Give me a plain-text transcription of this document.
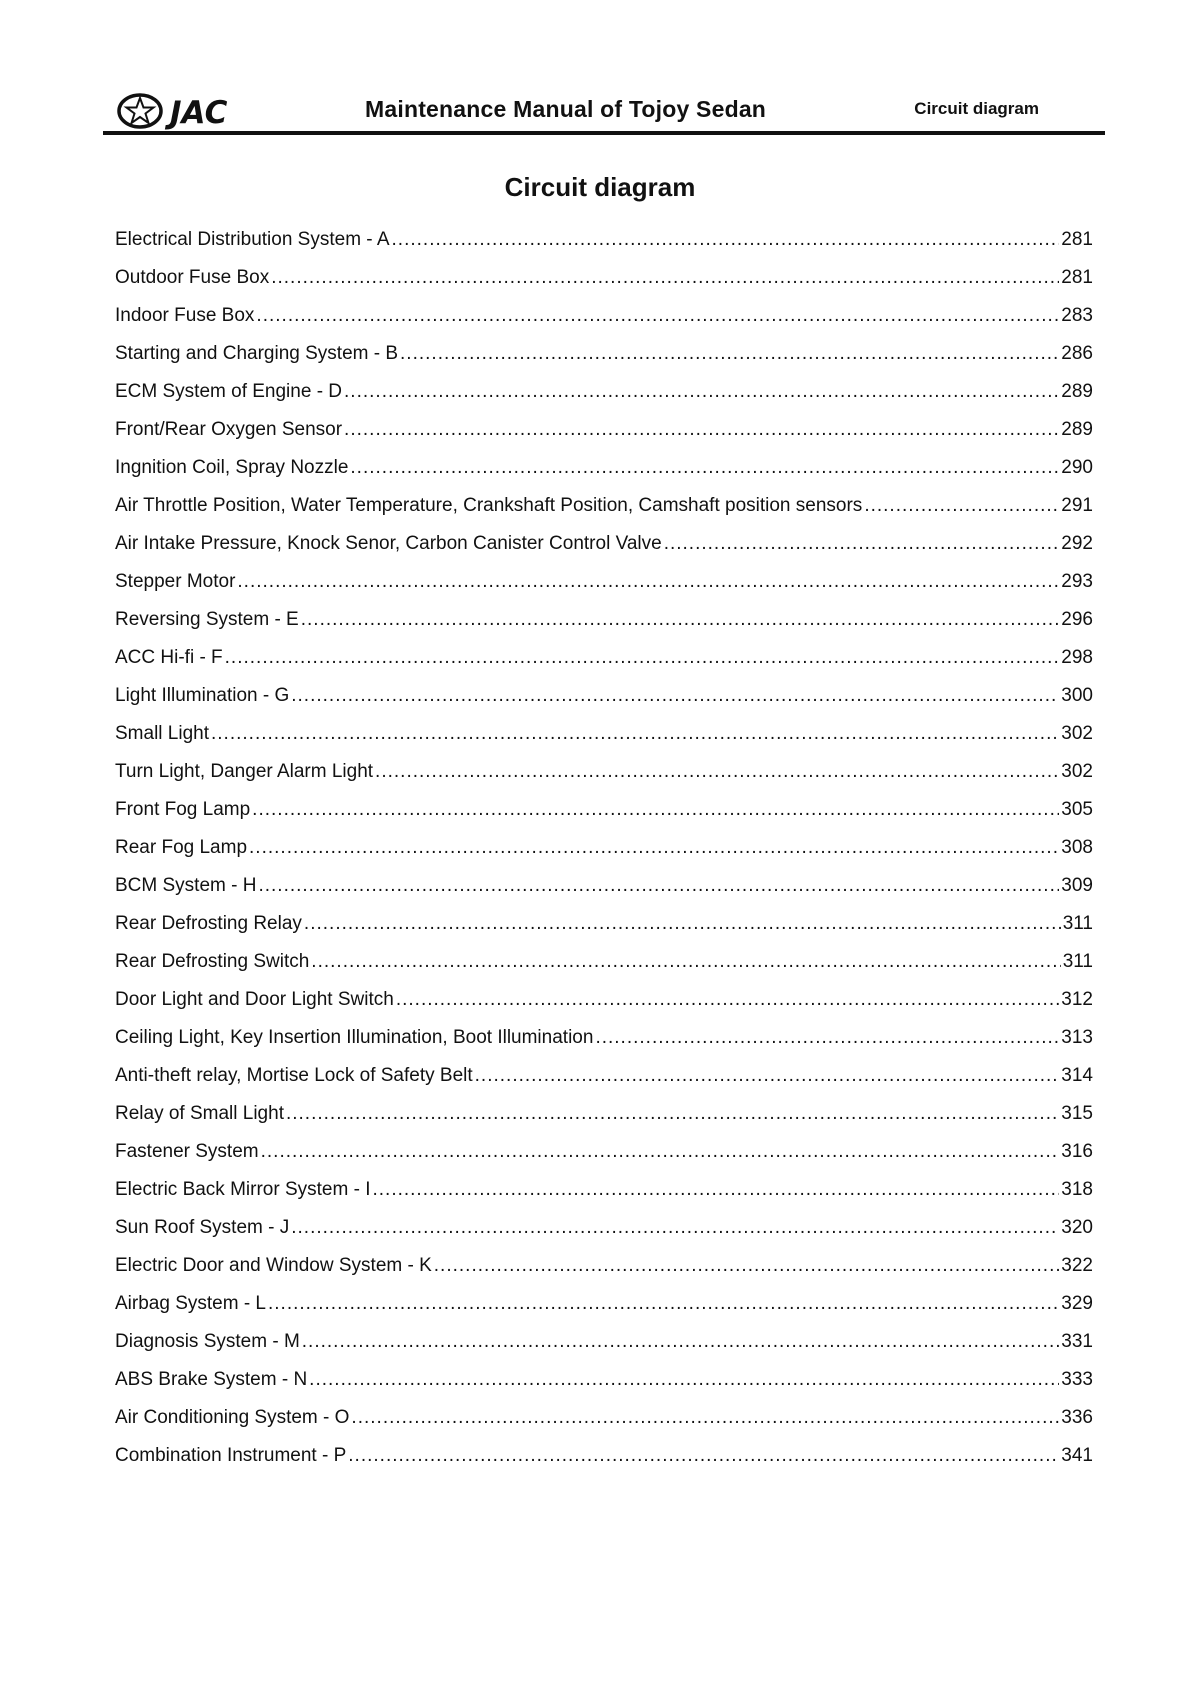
JAC	Maintenance Manual of Tojoy Sedan	Circuit diagram
Circuit diagram
Electrical Distribution System - A .....	281
Outdoor Fuse Box .....	281
Indoor Fuse Box .....	283
Starting and Charging System - B .....	286
ECM System of Engine - D .....	289
Front/Rear Oxygen Sensor .....	289
Ingnition Coil, Spray Nozzle .....	290
Air Throttle Position, Water Temperature, Crankshaft Position, Camshaft position sensors .....	291
Air Intake Pressure, Knock Senor, Carbon Canister Control Valve .....	292
Stepper Motor .....	293
Reversing System - E .....	296
ACC Hi-fi - F .....	298
Light Illumination - G .....	300
Small Light .....	302
Turn Light, Danger Alarm Light .....	302
Front Fog Lamp .....	305
Rear Fog Lamp .....	308
BCM System - H .....	309
Rear Defrosting Relay .....	311
Rear Defrosting Switch .....	311
Door Light and Door Light Switch .....	312
Ceiling Light, Key Insertion Illumination, Boot Illumination .....	313
Anti-theft relay, Mortise Lock of Safety Belt .....	314
Relay of Small Light .....	315
Fastener System .....	316
Electric Back Mirror System - I .....	318
Sun Roof System - J .....	320
Electric Door and Window System - K .....	322
Airbag System - L .....	329
Diagnosis System - M .....	331
ABS Brake System - N .....	333
Air Conditioning System - O .....	336
Combination Instrument - P .....	341
